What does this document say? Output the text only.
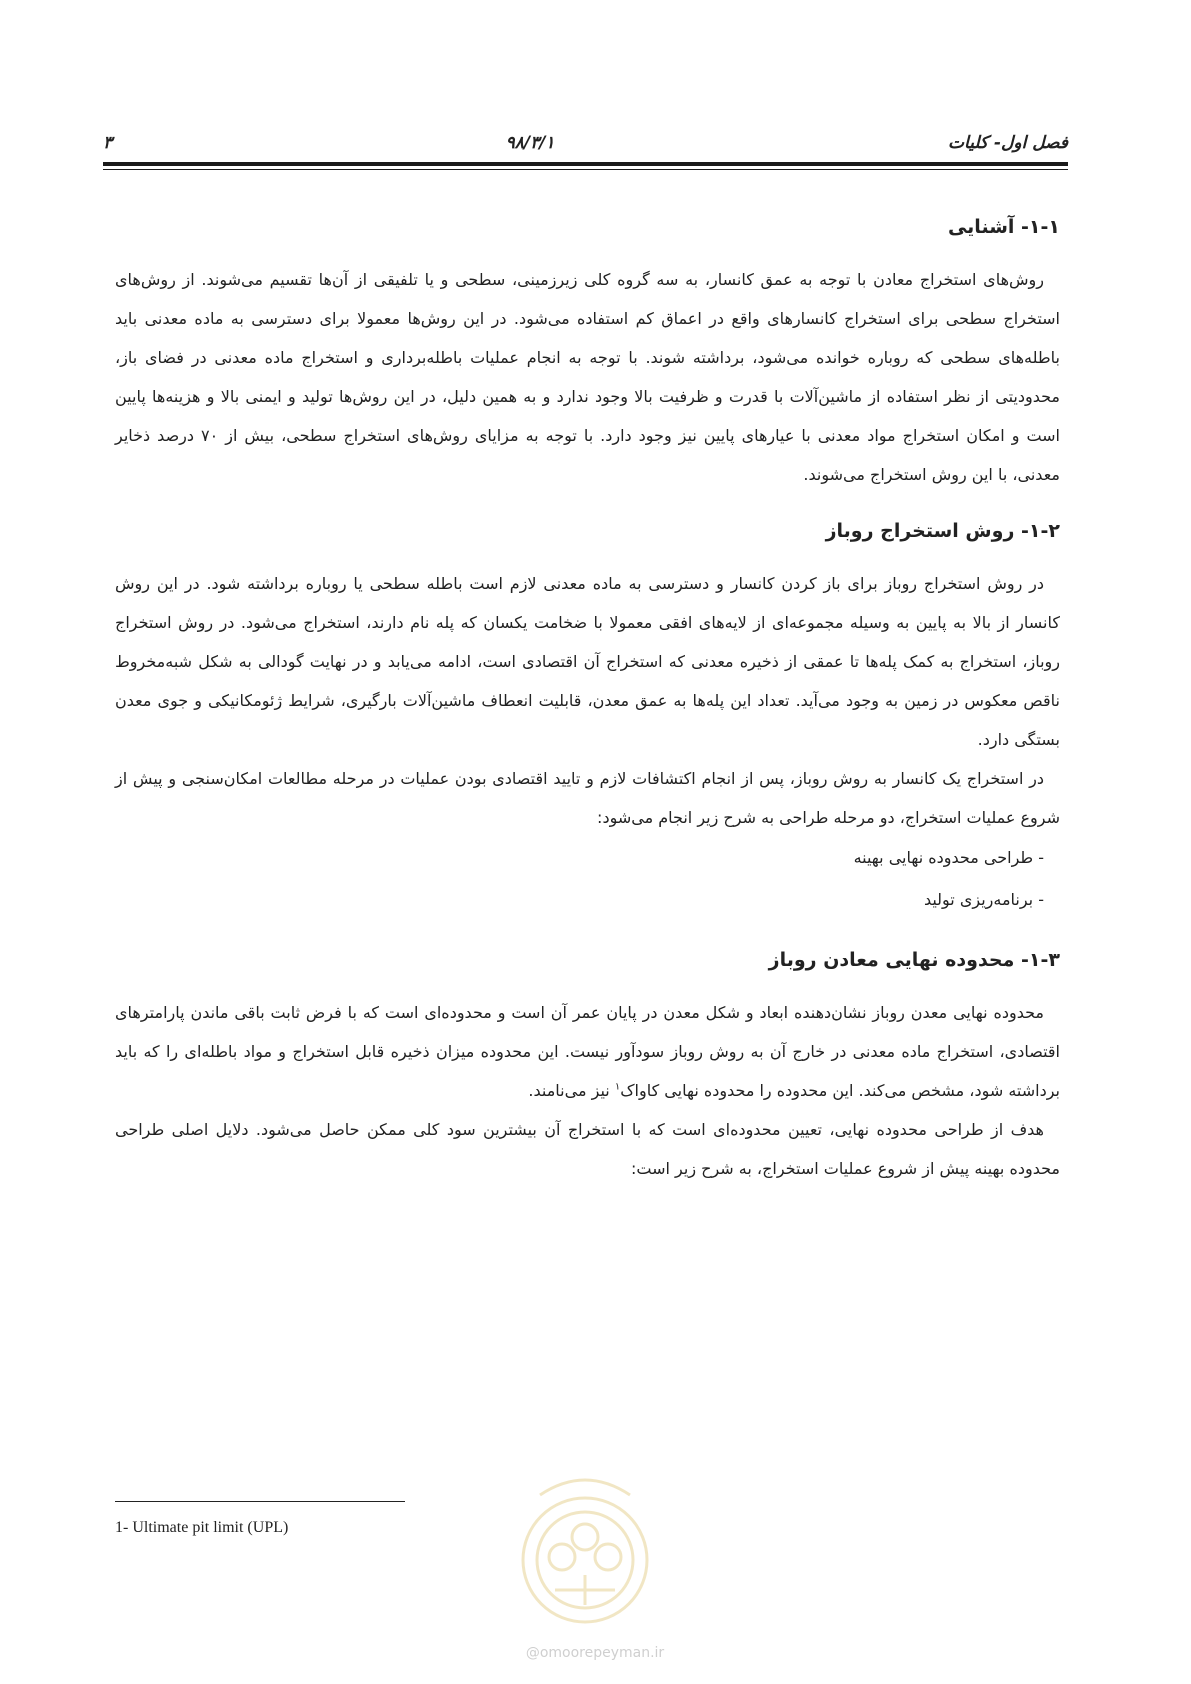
۳	۹۸/۳/۱	فصل اول- کلیات
۱-۱- آشنایی

روش‌های استخراج معادن با توجه به عمق کانسار، به سه گروه کلی زیرزمینی، سطحی و یا تلفیقی از آن‌ها تقسیم می‌شوند. از روش‌های استخراج سطحی برای استخراج کانسارهای واقع در اعماق کم استفاده می‌شود. در این روش‌ها معمولا برای دسترسی به ماده معدنی باید باطله‌های سطحی که روباره خوانده می‌شود، برداشته شوند. با توجه به انجام عملیات باطله‌برداری و استخراج ماده معدنی در فضای باز، محدودیتی از نظر استفاده از ماشین‌آلات با قدرت و ظرفیت بالا وجود ندارد و به همین دلیل، در این روش‌ها تولید و ایمنی بالا و هزینه‌ها پایین است و امکان استخراج مواد معدنی با عیارهای پایین نیز وجود دارد. با توجه به مزایای روش‌های استخراج سطحی، بیش از ۷۰ درصد ذخایر معدنی، با این روش استخراج می‌شوند.

۱-۲- روش استخراج روباز

در روش استخراج روباز برای باز کردن کانسار و دسترسی به ماده معدنی لازم است باطله سطحی یا روباره برداشته شود. در این روش کانسار از بالا به پایین به وسیله مجموعه‌ای از لایه‌های افقی معمولا با ضخامت یکسان که پله نام دارند، استخراج می‌شود. در روش استخراج روباز، استخراج به کمک پله‌ها تا عمقی از ذخیره معدنی که استخراج آن اقتصادی است، ادامه می‌یابد و در نهایت گودالی به شکل شبه‌مخروط ناقص معکوس در زمین به وجود می‌آید. تعداد این پله‌ها به عمق معدن، قابلیت انعطاف ماشین‌آلات بارگیری، شرایط ژئومکانیکی و جوی معدن بستگی دارد.

در استخراج یک کانسار به روش روباز، پس از انجام اکتشافات لازم و تایید اقتصادی بودن عملیات در مرحله مطالعات امکان‌سنجی و پیش از شروع عملیات استخراج، دو مرحله طراحی به شرح زیر انجام می‌شود:

- طراحی محدوده نهایی بهینه
- برنامه‌ریزی تولید
۱-۳- محدوده نهایی معادن روباز

محدوده نهایی معدن روباز نشان‌دهنده ابعاد و شکل معدن در پایان عمر آن است و محدوده‌ای است که با فرض ثابت باقی ماندن پارامترهای اقتصادی، استخراج ماده معدنی در خارج آن به روش روباز سودآور نیست. این محدوده میزان ذخیره قابل استخراج و مواد باطله‌ای را که باید برداشته شود، مشخص می‌کند. این محدوده را محدوده نهایی کاواک$^۱$ نیز می‌نامند.

هدف از طراحی محدوده نهایی، تعیین محدوده‌ای است که با استخراج آن بیشترین سود کلی ممکن حاصل می‌شود. دلایل اصلی طراحی محدوده بهینه پیش از شروع عملیات استخراج، به شرح زیر است:

1- Ultimate pit limit (UPL)
@omoorepeyman.ir
